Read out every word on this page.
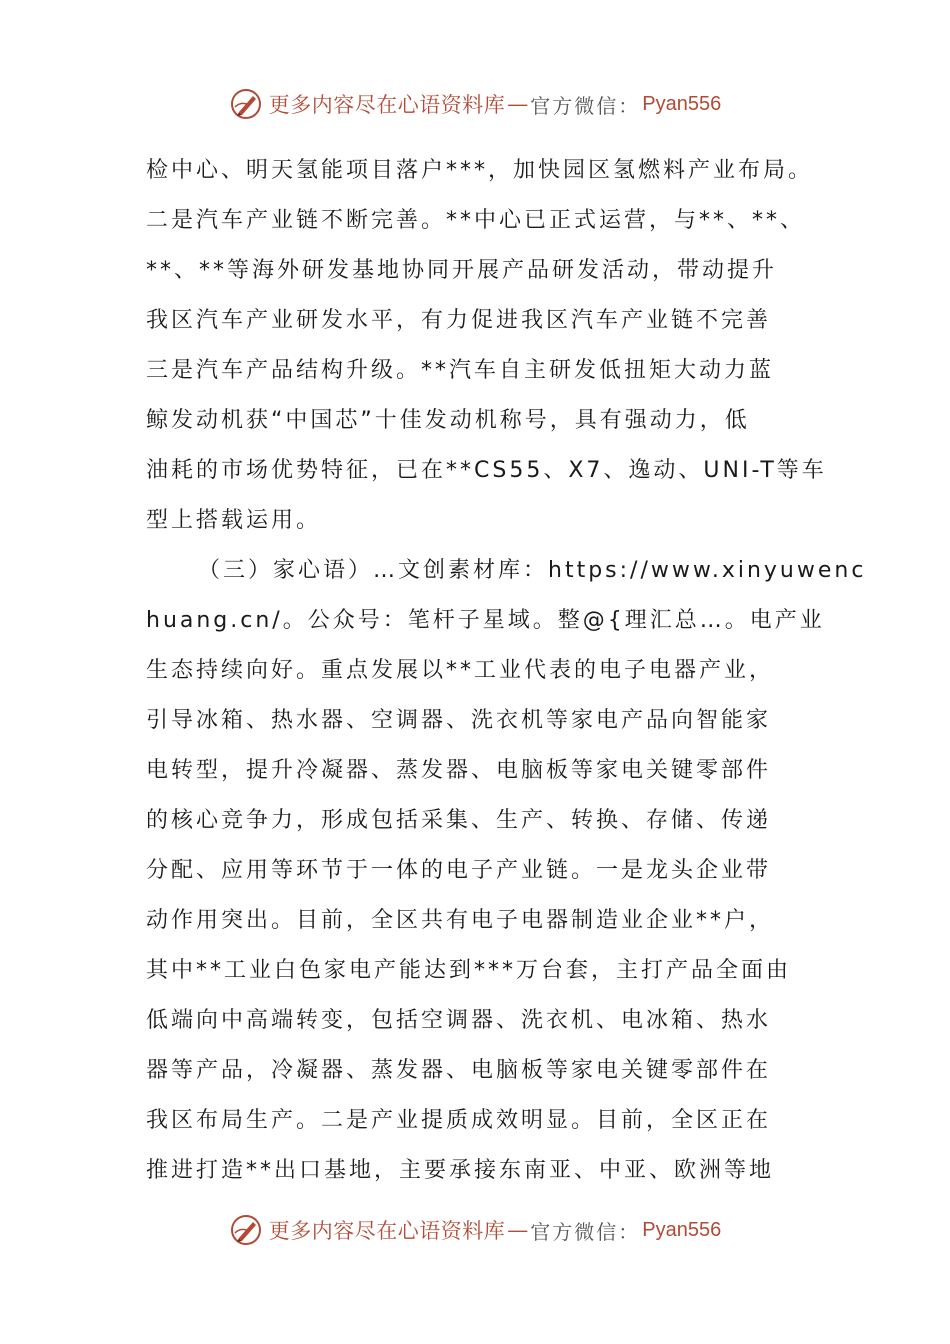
更多内容尽在心语资料库 — 官方微信： Pyan556
检中心、明天氢能项目落户***，加快园区氢燃料产业布局。
二是汽车产业链不断完善。**中心已正式运营，与**、**、
**、**等海外研发基地协同开展产品研发活动，带动提升
我区汽车产业研发水平，有力促进我区汽车产业链不完善
三是汽车产品结构升级。**汽车自主研发低扭矩大动力蓝
鲸发动机获“中国芯”十佳发动机称号，具有强动力，低
油耗的市场优势特征，已在**CS55、X7、逸动、UNI-T等车
型上搭载运用。
（三）家心语）…文创素材库：https://www.xinyuwenc
huang.cn/。公众号：笔杆子星域。整@{理汇总…。电产业
生态持续向好。重点发展以**工业代表的电子电器产业，
引导冰箱、热水器、空调器、洗衣机等家电产品向智能家
电转型，提升冷凝器、蒸发器、电脑板等家电关键零部件
的核心竞争力，形成包括采集、生产、转换、存储、传递
分配、应用等环节于一体的电子产业链。一是龙头企业带
动作用突出。目前，全区共有电子电器制造业企业**户，
其中**工业白色家电产能达到***万台套，主打产品全面由
低端向中高端转变，包括空调器、洗衣机、电冰箱、热水
器等产品，冷凝器、蒸发器、电脑板等家电关键零部件在
我区布局生产。二是产业提质成效明显。目前，全区正在
推进打造**出口基地，主要承接东南亚、中亚、欧洲等地
更多内容尽在心语资料库 — 官方微信： Pyan556
